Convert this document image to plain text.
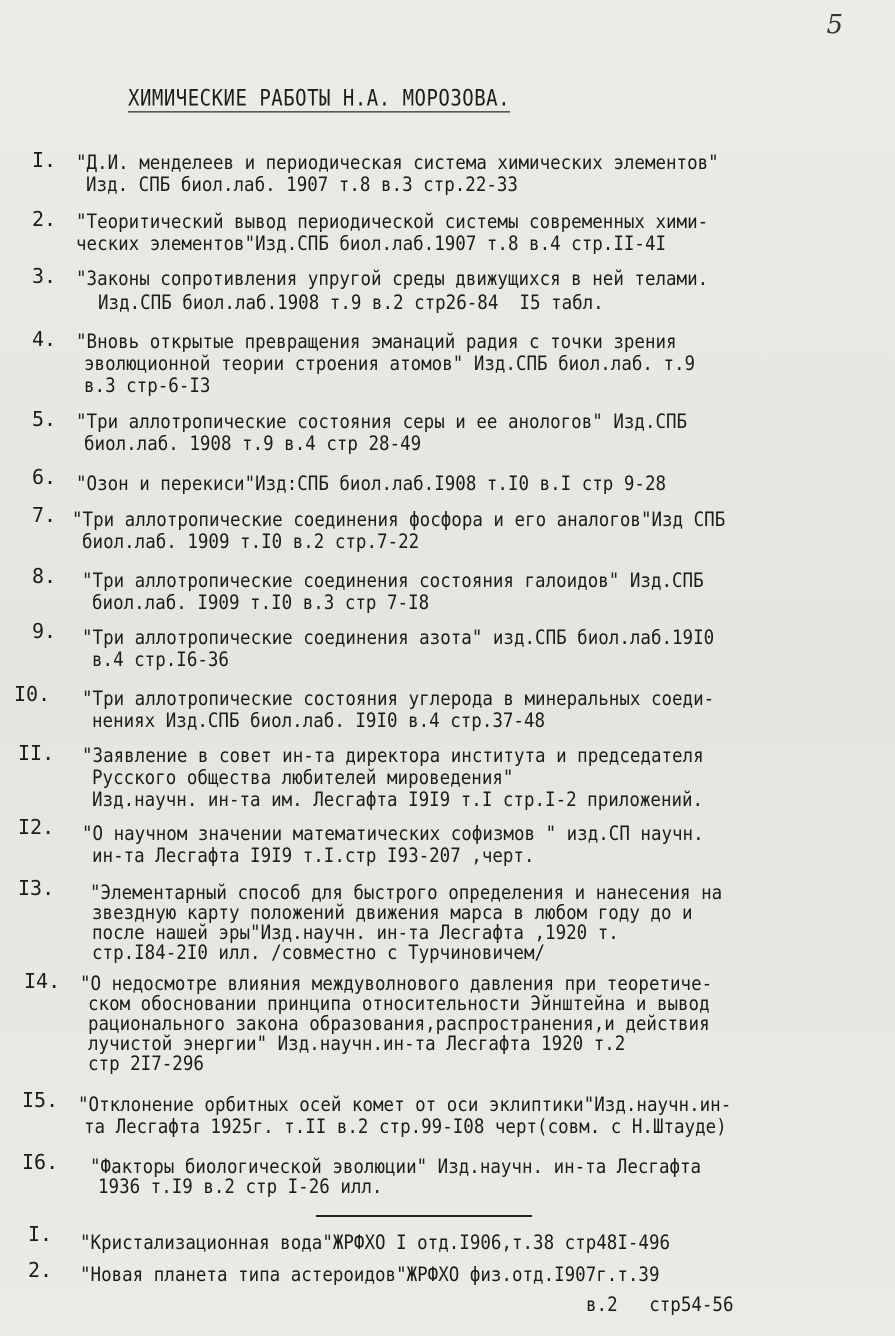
5
ХИМИЧЕСКИЕ РАБОТЫ Н.А. МОРОЗОВА.
I. "Д.И. менделеев и периодическая система химических элементов"
Изд. СПБ биол.лаб. 1907 т.8 в.3 стр.22-33
2. "Теоритический вывод периодической системы современных хими-
ческих элементов"Изд.СПБ биол.лаб.1907 т.8 в.4 стр.II-4I
3. "Законы сопротивления упругой среды движущихся в ней телами.
Изд.СПБ биол.лаб.1908 т.9 в.2 стр26-84  I5 табл.
4. "Вновь открытые превращения эманаций радия с точки зрения
эволюционной теории строения атомов" Изд.СПБ биол.лаб. т.9
в.3 стр-6-I3
5. "Три аллотропические состояния серы и ее анологов" Изд.СПБ
биол.лаб. 1908 т.9 в.4 стр 28-49
6. "Озон и перекиси"Изд:СПБ биол.лаб.I908 т.I0 в.I стр 9-28
7. "Три аллотропические соединения фосфора и его аналогов"Изд СПБ
биол.лаб. 1909 т.I0 в.2 стр.7-22
8. "Три аллотропические соединения состояния галоидов" Изд.СПБ
биол.лаб. I909 т.I0 в.3 стр 7-I8
9. "Три аллотропические соединения азота" изд.СПБ биол.лаб.19I0
в.4 стр.I6-36
I0. "Три аллотропические состояния углерода в минеральных соеди-
нениях Изд.СПБ биол.лаб. I9I0 в.4 стр.37-48
II. "Заявление в совет ин-та директора института и председателя
Русского общества любителей мироведения"
Изд.научн. ин-та им. Лесгафта I9I9 т.I стр.I-2 приложений.
I2. "О научном значении математических софизмов " изд.СП научн.
ин-та Лесгафта I9I9 т.I.стр I93-207 ,черт.
I3. "Элементарный способ для быстрого определения и нанесения на
звездную карту положений движения марса в любом году до и
после нашей эры"Изд.научн. ин-та Лесгафта ,1920 т.
стр.I84-2I0 илл. /совместно с Турчиновичем/
I4. "О недосмотре влияния междуволнового давления при теоретиче-
ском обосновании принципа относительности Эйнштейна и вывод
рационального закона образования,распространения,и действия
лучистой энергии" Изд.научн.ин-та Лесгафта 1920 т.2
стр 2I7-296
I5. "Отклонение орбитных осей комет от оси эклиптики"Изд.научн.ин-
та Лесгафта 1925г. т.II в.2 стр.99-I08 черт(совм. с Н.Штауде)
I6. "Факторы биологической эволюции" Изд.научн. ин-та Лесгафта
1936 т.I9 в.2 стр I-26 илл.
I. "Кристализационная вода"ЖРФХО I отд.I906,т.38 стр48I-496
2. "Новая планета типа астероидов"ЖРФХО физ.отд.I907г.т.39
в.2   стр54-56
